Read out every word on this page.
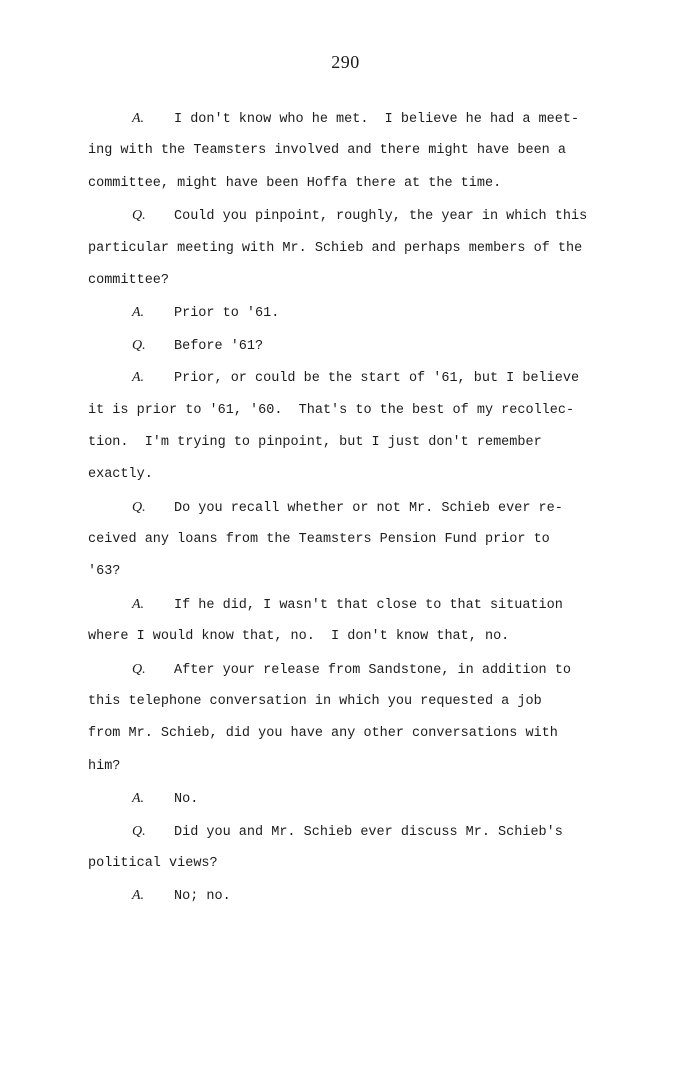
290
A. I don't know who he met.  I believe he had a meet-
ing with the Teamsters involved and there might have been a
committee, might have been Hoffa there at the time.
Q. Could you pinpoint, roughly, the year in which this
particular meeting with Mr. Schieb and perhaps members of the
committee?
A. Prior to '61.
Q. Before '61?
A. Prior, or could be the start of '61, but I believe
it is prior to '61, '60.  That's to the best of my recollec-
tion.  I'm trying to pinpoint, but I just don't remember
exactly.
Q. Do you recall whether or not Mr. Schieb ever re-
ceived any loans from the Teamsters Pension Fund prior to
'63?
A. If he did, I wasn't that close to that situation
where I would know that, no.  I don't know that, no.
Q. After your release from Sandstone, in addition to
this telephone conversation in which you requested a job
from Mr. Schieb, did you have any other conversations with
him?
A. No.
Q. Did you and Mr. Schieb ever discuss Mr. Schieb's
political views?
A. No; no.
